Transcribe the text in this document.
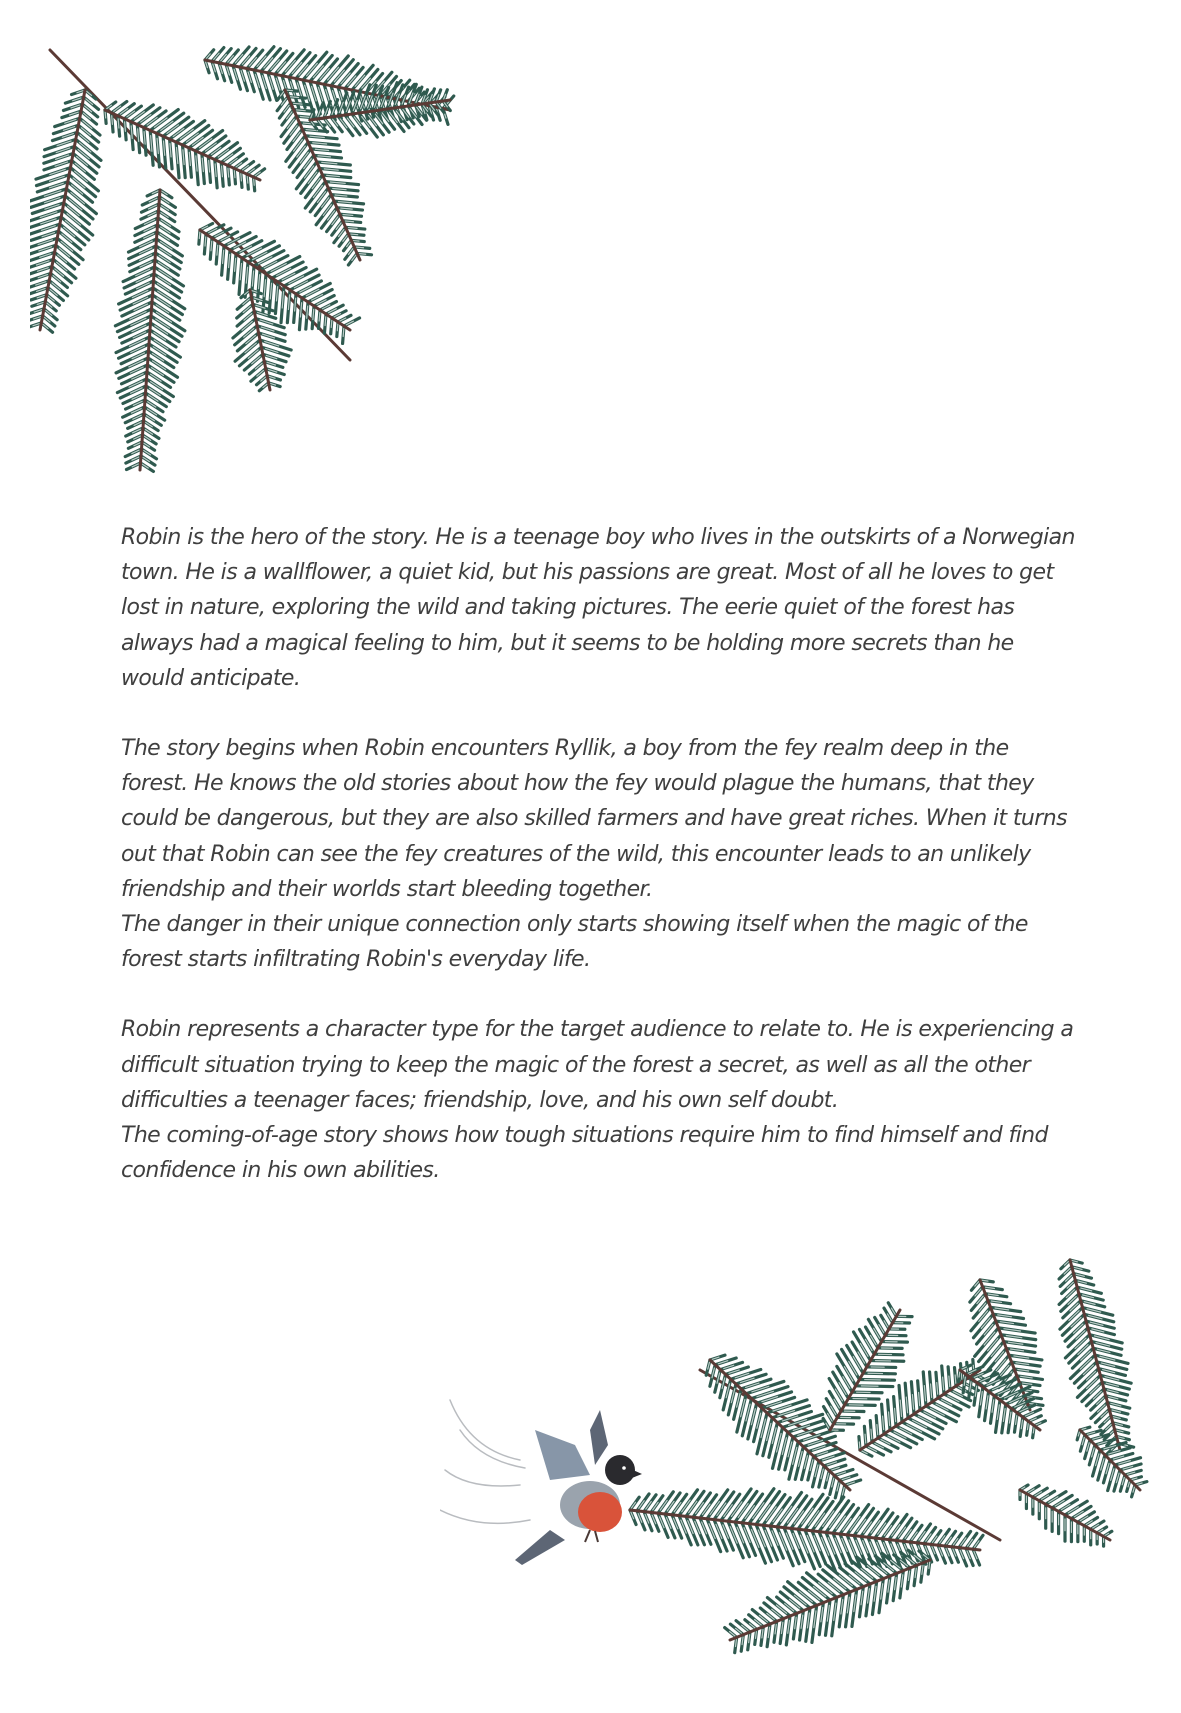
Robin is the hero of the story. He is a teenage boy who lives in the outskirts of a Norwegian town. He is a wallflower, a quiet kid, but his passions are great. Most of all he loves to get lost in nature, exploring the wild and taking pictures. The eerie quiet of the forest has always had a magical feeling to him, but it seems to be holding more secrets than he would anticipate.

The story begins when Robin encounters Ryllik, a boy from the fey realm deep in the forest. He knows the old stories about how the fey would plague the humans, that they could be dangerous, but they are also skilled farmers and have great riches. When it turns out that Robin can see the fey creatures of the wild, this encounter leads to an unlikely friendship and their worlds start bleeding together.
The danger in their unique connection only starts showing itself when the magic of the forest starts infiltrating Robin's everyday life.

Robin represents a character type for the target audience to relate to. He is experiencing a difficult situation trying to keep the magic of the forest a secret, as well as all the other difficulties a teenager faces; friendship, love, and his own self doubt.
The coming-of-age story shows how tough situations require him to find himself and find confidence in his own abilities.
